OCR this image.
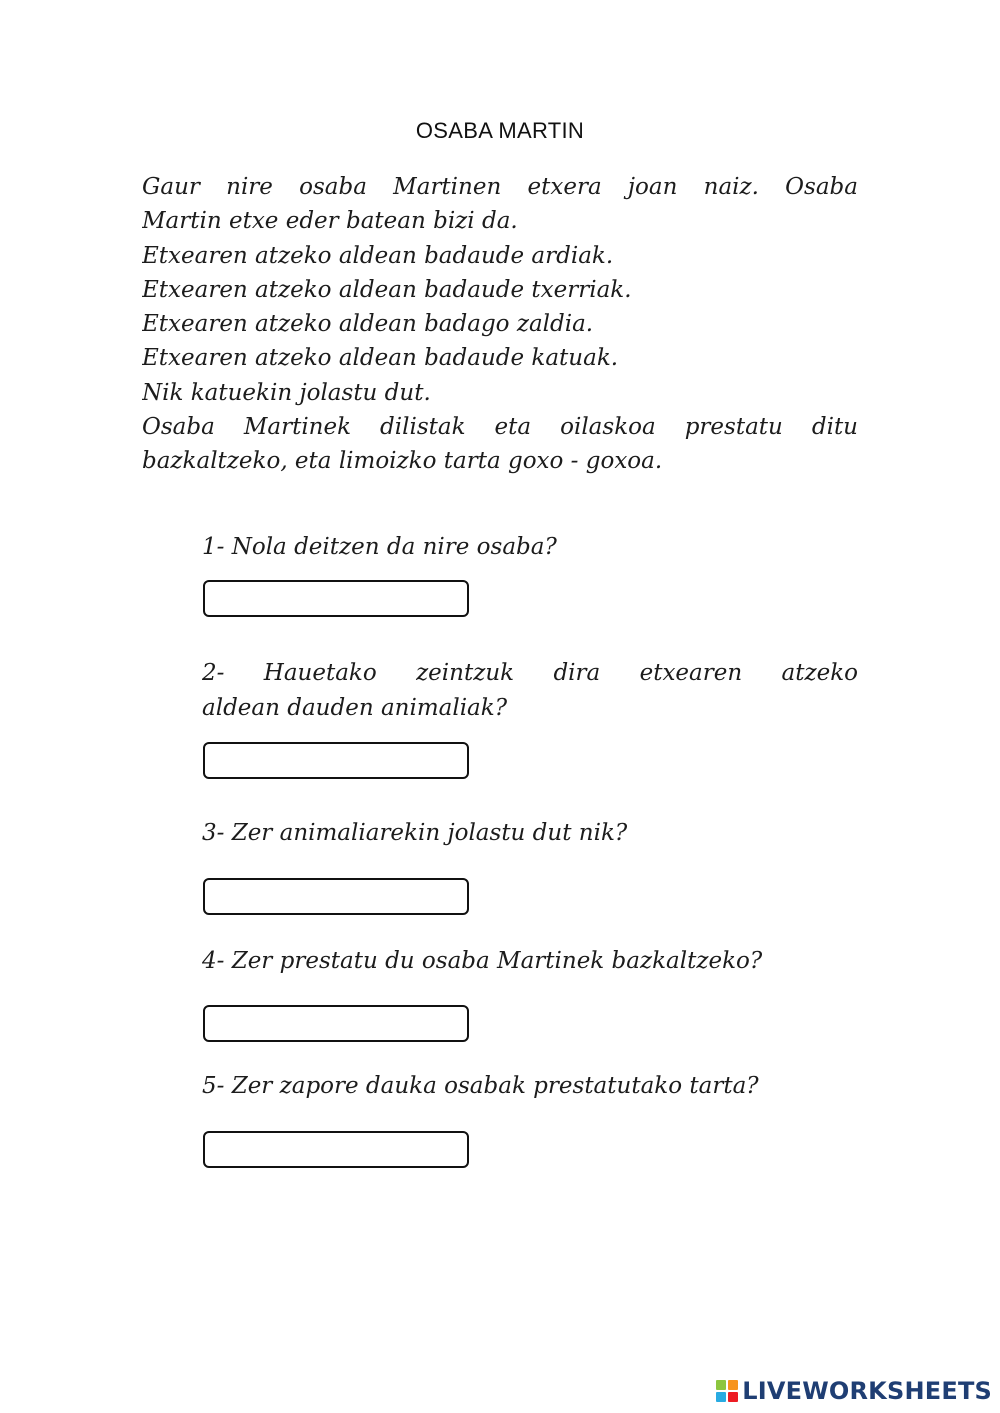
OSABA MARTIN
Gaur nire osaba Martinen etxera joan naiz. Osaba
Martin etxe eder batean bizi da.
Etxearen atzeko aldean badaude ardiak.
Etxearen atzeko aldean badaude txerriak.
Etxearen atzeko aldean badago zaldia.
Etxearen atzeko aldean badaude katuak.
Nik katuekin jolastu dut.
Osaba Martinek dilistak eta oilaskoa prestatu ditu
bazkaltzeko, eta limoizko tarta goxo - goxoa.
1- Nola deitzen da nire osaba?
2- Hauetako zeintzuk dira etxearen atzeko
aldean dauden animaliak?
3- Zer animaliarekin jolastu dut nik?
4- Zer prestatu du osaba Martinek bazkaltzeko?
5- Zer zapore dauka osabak prestatutako tarta?
LIVEWORKSHEETS
